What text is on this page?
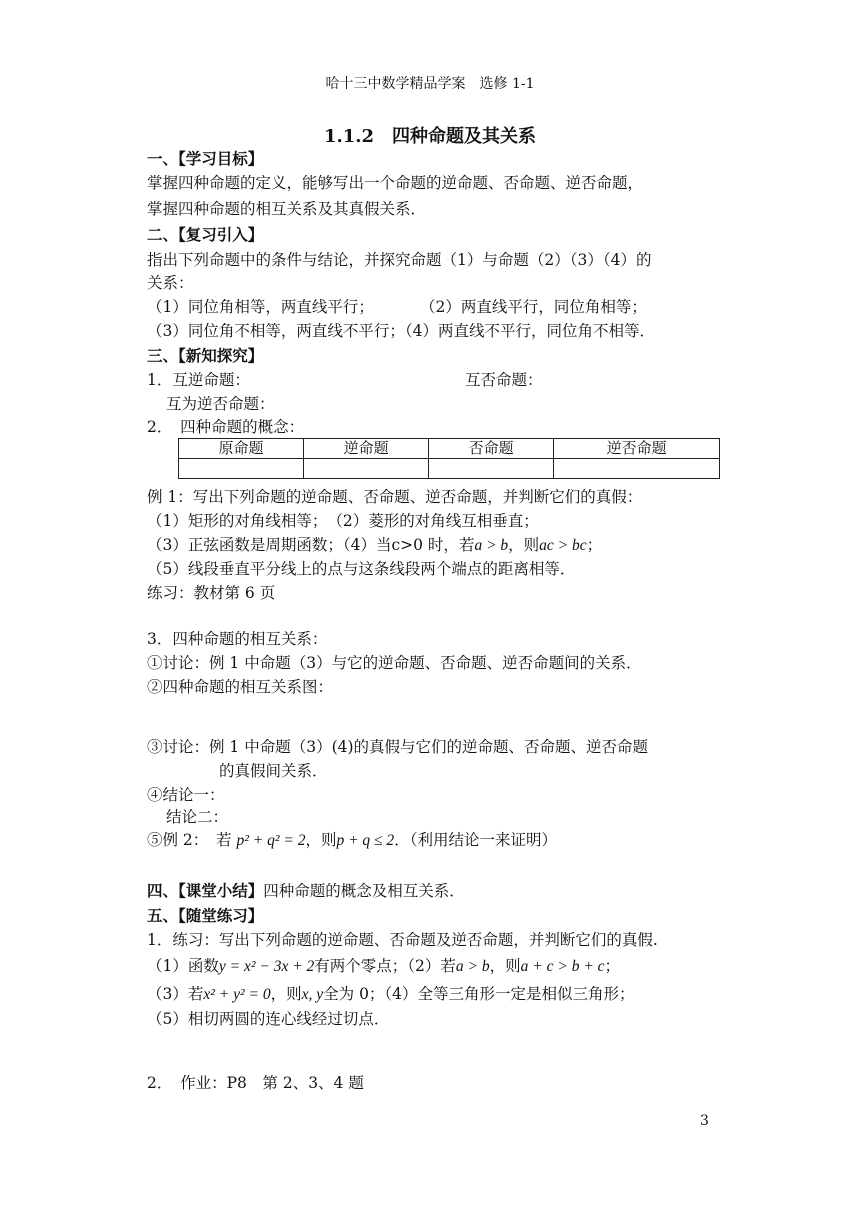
哈十三中数学精品学案　选修 1-1
1.1.2　四种命题及其关系
一、【学习目标】
掌握四种命题的定义，能够写出一个命题的逆命题、否命题、逆否命题，
掌握四种命题的相互关系及其真假关系．
二、【复习引入】
指出下列命题中的条件与结论，并探究命题（1）与命题（2）（3）（4）的
关系：
（1）同位角相等，两直线平行；	（2）两直线平行，同位角相等；
（3）同位角不相等，两直线不平行；（4）两直线不平行，同位角不相等．
三、【新知探究】
1．互逆命题：	互否命题：
互为逆否命题：
2．　四种命题的概念：
原命题	逆命题	否命题	逆否命题

例 1：写出下列命题的逆命题、否命题、逆否命题，并判断它们的真假：
（1）矩形的对角线相等；　（2）菱形的对角线互相垂直；
（3）正弦函数是周期函数；（4）当c>0 时，若a > b，则ac > bc；
（5）线段垂直平分线上的点与这条线段两个端点的距离相等．
练习：教材第 6 页
3．四种命题的相互关系：
①讨论：例 1 中命题（3）与它的逆命题、否命题、逆否命题间的关系．
②四种命题的相互关系图：
③讨论：例 1 中命题（3）(4)的真假与它们的逆命题、否命题、逆否命题
的真假间关系．
④结论一：
结论二：
⑤例 2：　若 p² + q² = 2，则p + q ≤ 2．（利用结论一来证明）
四、【课堂小结】四种命题的概念及相互关系．
五、【随堂练习】
1．练习：写出下列命题的逆命题、否命题及逆否命题，并判断它们的真假.
（1）函数y = x² − 3x + 2有两个零点；（2）若a > b，则a + c > b + c；
（3）若x² + y² = 0，则x, y全为 0；（4）全等三角形一定是相似三角形；
（5）相切两圆的连心线经过切点．
2．　作业：P8　第 2、3、4 题
3
